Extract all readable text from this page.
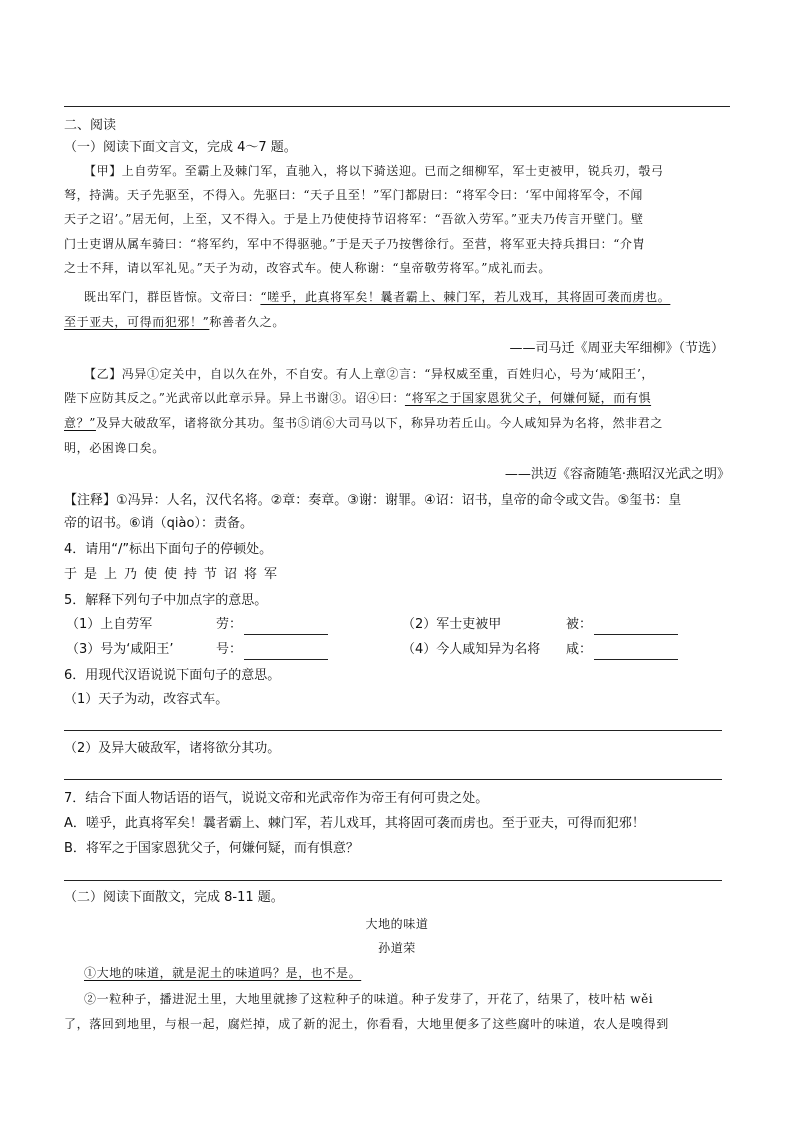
二、阅读
（一）阅读下面文言文，完成 4～7 题。
【甲】上自劳军。至霸上及棘门军，直驰入，将以下骑送迎。已而之细柳军，军士吏被甲，锐兵刃，彀弓
弩，持满。天子先驱至，不得入。先驱曰：“天子且至！”军门都尉曰：“将军令曰：‘军中闻将军令，不闻
天子之诏’。”居无何，上至，又不得入。于是上乃使使持节诏将军：“吾欲入劳军。”亚夫乃传言开壁门。壁
门士吏谓从属车骑曰：“将军约，军中不得驱驰。”于是天子乃按辔徐行。至营，将军亚夫持兵揖曰：“介胄
之士不拜，请以军礼见。”天子为动，改容式车。使人称谢：“皇帝敬劳将军。”成礼而去。
既出军门，群臣皆惊。文帝曰：“嗟乎，此真将军矣！曩者霸上、棘门军，若儿戏耳，其将固可袭而虏也。
至于亚夫，可得而犯邪！”称善者久之。
——司马迁《周亚夫军细柳》（节选）
【乙】冯异①定关中，自以久在外，不自安。有人上章②言：“异权威至重，百姓归心，号为‘咸阳王’，
陛下应防其反之。”光武帝以此章示异。异上书谢③。诏④曰：“将军之于国家恩犹父子，何嫌何疑，而有惧
意？”及异大破敌军，诸将欲分其功。玺书⑤诮⑥大司马以下，称异功若丘山。今人咸知异为名将，然非君之
明，必困谗口矣。
——洪迈《容斋随笔·燕昭汉光武之明》
【注释】①冯异：人名，汉代名将。②章：奏章。③谢：谢罪。④诏：诏书，皇帝的命令或文告。⑤玺书：皇
帝的诏书。⑥诮（qiào）：责备。
4．请用“/”标出下面句子的停顿处。
于是上乃使使持节诏将军
5．解释下列句子中加点字的意思。
（1）上自劳军	劳：	（2）军士吏被甲	被：
（3）号为‘咸阳王’	号：	（4）今人咸知异为名将 咸：
6．用现代汉语说说下面句子的意思。
（1）天子为动，改容式车。
（2）及异大破敌军，诸将欲分其功。
7．结合下面人物话语的语气，说说文帝和光武帝作为帝王有何可贵之处。
A．嗟乎，此真将军矣！曩者霸上、棘门军，若儿戏耳，其将固可袭而虏也。至于亚夫，可得而犯邪！
B．将军之于国家恩犹父子，何嫌何疑，而有惧意？
（二）阅读下面散文，完成 8-11 题。
大地的味道
孙道荣
①大地的味道，就是泥土的味道吗？是，也不是。
②一粒种子，播进泥土里，大地里就掺了这粒种子的味道。种子发芽了，开花了，结果了，枝叶枯 wěi
了，落回到地里，与根一起，腐烂掉，成了新的泥土，你看看，大地里便多了这些腐叶的味道，农人是嗅得到
